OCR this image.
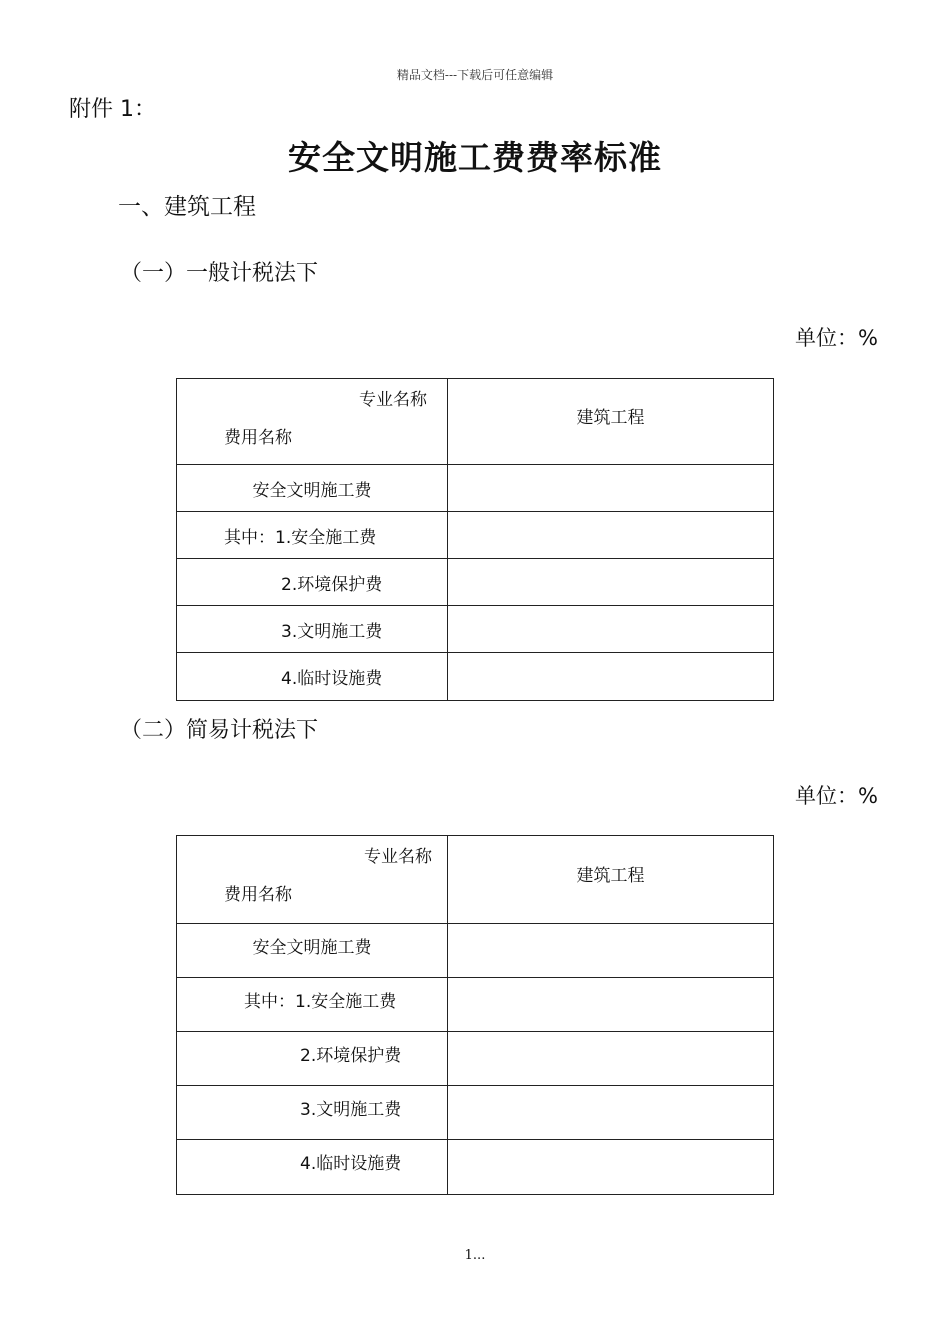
精品文档---下载后可任意编辑
附件 1：
安全文明施工费费率标准
一、建筑工程
（一）一般计税法下
单位：%
专业名称
费用名称	建筑工程
安全文明施工费	
其中：1.安全施工费	
2.环境保护费	
3.文明施工费	
4.临时设施费	
（二）简易计税法下
单位：%
专业名称
费用名称	建筑工程
安全文明施工费	
其中：1.安全施工费	
2.环境保护费	
3.文明施工费	
4.临时设施费	
1...
